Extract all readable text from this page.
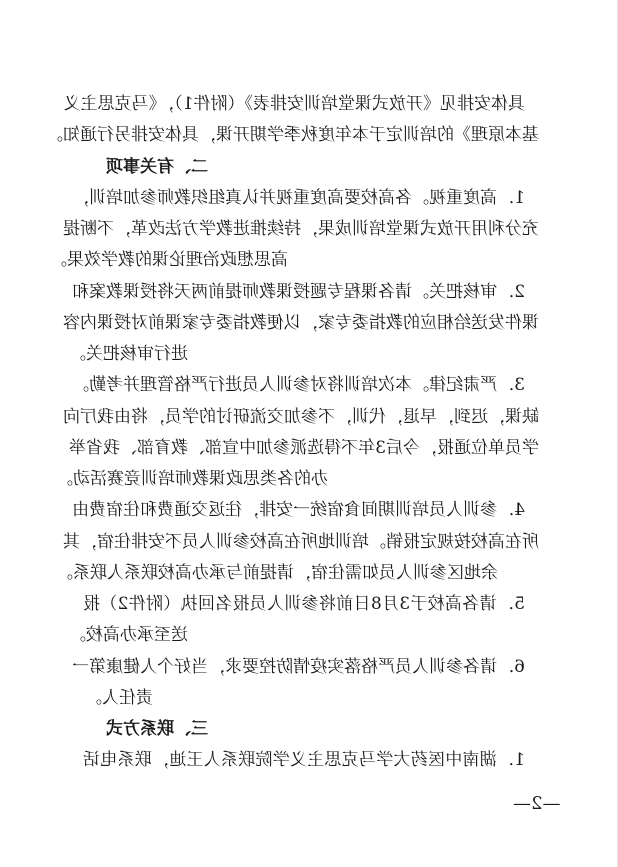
具体安排见《开放式课堂培训安排表》（附件1），《马克思主义
基本原理》的培训定于本年度秋季学期开课，具体安排另行通知。
二、有关事项
1．高度重视。各高校要高度重视并认真组织教师参加培训，
充分利用开放式课堂培训成果，持续推进教学方法改革，不断提
高思想政治理论课的教学效果。
2．审核把关。请各课程专题授课教师提前两天将授课教案和
课件发送给相应的教指委专家，以便教指委专家课前对授课内容
进行审核把关。
3．严肃纪律。本次培训将对参训人员进行严格管理并考勤。
缺课，迟到，早退，代训，不参加交流研讨的学员，将由我厅向
学员单位通报，今后3年不得选派参加中宣部、教育部、我省举
办的各类思政课教师培训竞赛活动。
4．参训人员培训期间食宿统一安排，往返交通费和住宿费由
所在高校按规定报销。培训地所在高校参训人员不安排住宿，其
余地区参训人员如需住宿，请提前与承办高校联系人联系。
5．请各高校于3月8日前将参训人员报名回执（附件2）报
送至承办高校。
6．请各参训人员严格落实疫情防控要求，当好个人健康第一
责任人。
三、联系方式
1．湖南中医药大学马克思主义学院联系人王迪，联系电话
—2—
